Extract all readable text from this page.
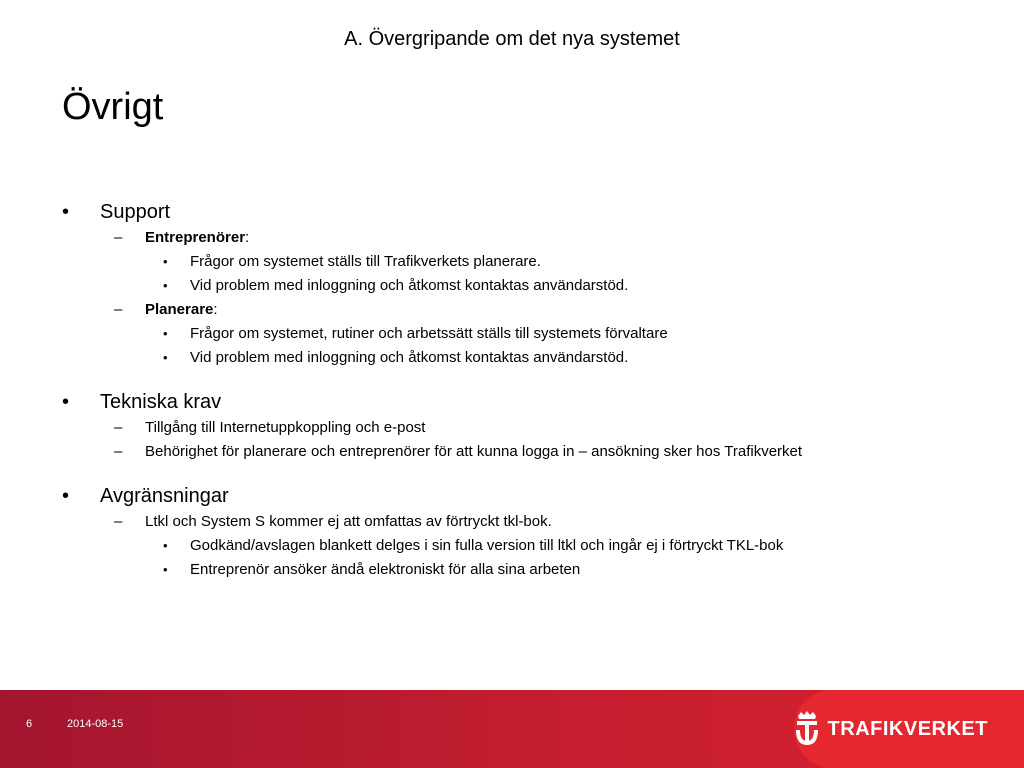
A. Övergripande om det nya systemet
Övrigt
• Support
– Entreprenörer:
• Frågor om systemet ställs till Trafikverkets planerare.
• Vid problem med inloggning och åtkomst kontaktas användarstöd.
– Planerare:
• Frågor om systemet, rutiner och arbetssätt ställs till systemets förvaltare
• Vid problem med inloggning och åtkomst kontaktas användarstöd.
• Tekniska krav
– Tillgång till Internetuppkoppling och e-post
– Behörighet för planerare och entreprenörer för att kunna logga in – ansökning sker hos Trafikverket
• Avgränsningar
– Ltkl och System S kommer ej att omfattas av förtryckt tkl-bok.
• Godkänd/avslagen blankett delges i sin fulla version till ltkl och ingår ej i förtryckt TKL-bok
• Entreprenör ansöker ändå elektroniskt för alla sina arbeten
6	2014-08-15	TRAFIKVERKET
